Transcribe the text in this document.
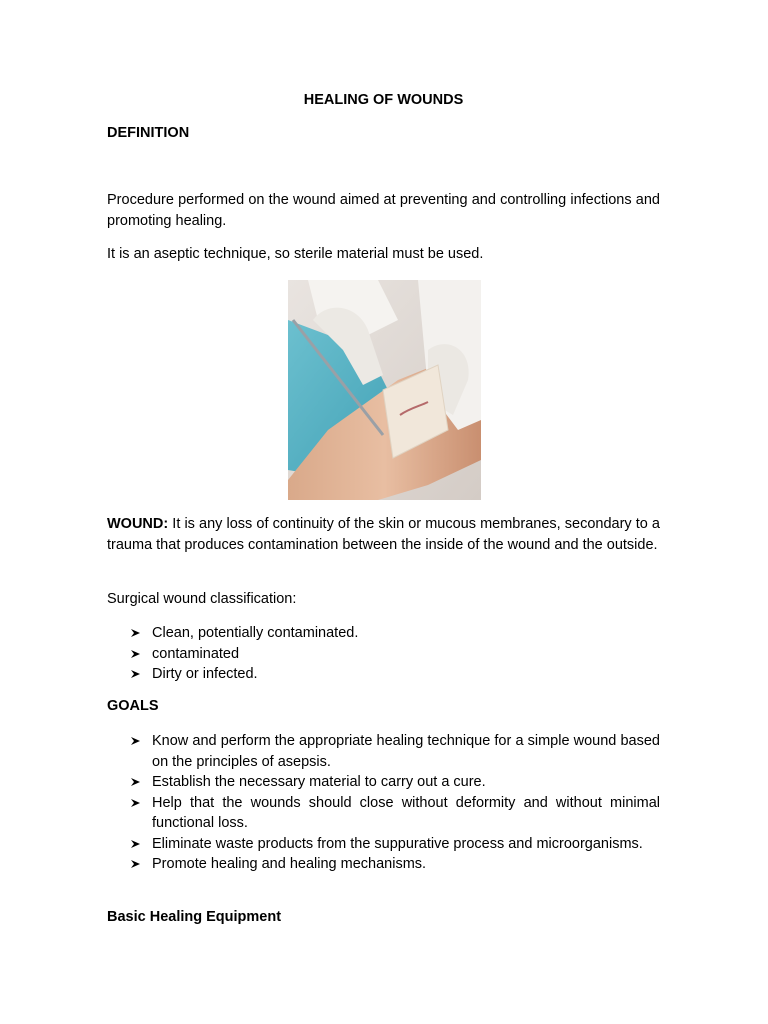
HEALING OF WOUNDS
DEFINITION
Procedure performed on the wound aimed at preventing and controlling infections and promoting healing.
It is an aseptic technique, so sterile material must be used.
WOUND: It is any loss of continuity of the skin or mucous membranes, secondary to a trauma that produces contamination between the inside of the wound and the outside.
Surgical wound classification:
Clean, potentially contaminated.
contaminated
Dirty or infected.
GOALS
Know and perform the appropriate healing technique for a simple wound based on the principles of asepsis.
Establish the necessary material to carry out a cure.
Help that the wounds should close without deformity and without minimal functional loss.
Eliminate waste products from the suppurative process and microorganisms.
Promote healing and healing mechanisms.
Basic Healing Equipment
